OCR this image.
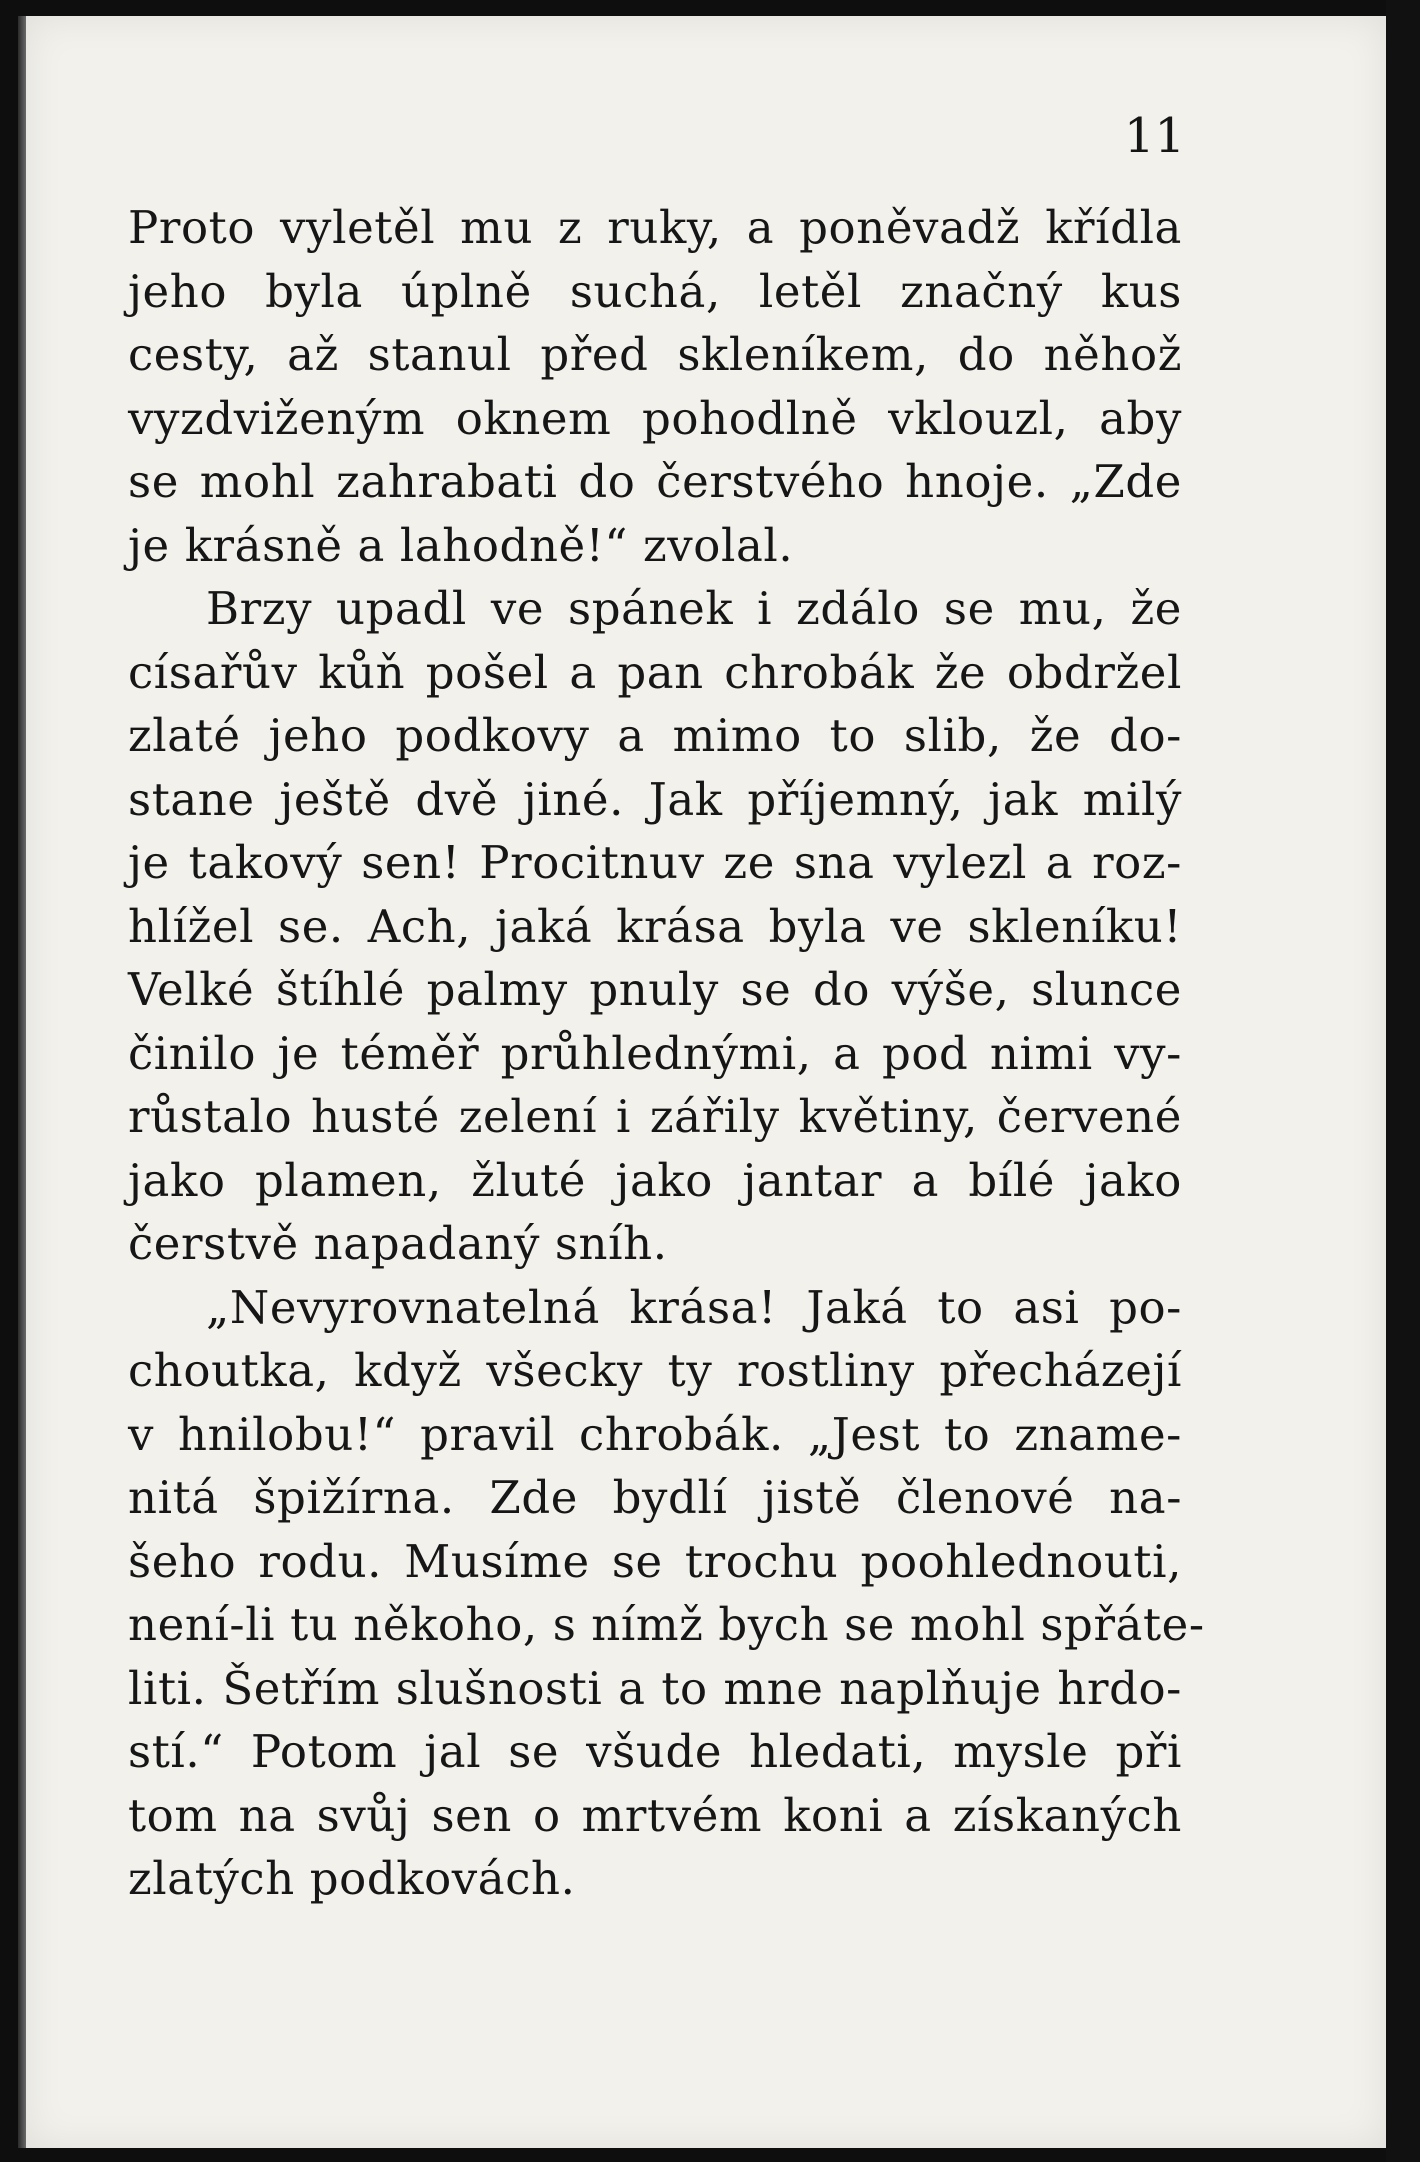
11
Proto vyletěl mu z ruky, a poněvadž křídla
jeho byla úplně suchá, letěl značný kus
cesty, až stanul před skleníkem, do něhož
vyzdviženým oknem pohodlně vklouzl, aby
se mohl zahrabati do čerstvého hnoje. „Zde
je krásně a lahodně!“ zvolal.
Brzy upadl ve spánek i zdálo se mu, že
císařův kůň pošel a pan chrobák že obdržel
zlaté jeho podkovy a mimo to slib, že do-
stane ještě dvě jiné. Jak příjemný, jak milý
je takový sen! Procitnuv ze sna vylezl a roz-
hlížel se. Ach, jaká krása byla ve skleníku!
Velké štíhlé palmy pnuly se do výše, slunce
činilo je téměř průhlednými, a pod nimi vy-
růstalo husté zelení i zářily květiny, červené
jako plamen, žluté jako jantar a bílé jako
čerstvě napadaný sníh.
„Nevyrovnatelná krása! Jaká to asi po-
choutka, když všecky ty rostliny přecházejí
v hnilobu!“ pravil chrobák. „Jest to zname-
nitá špižírna. Zde bydlí jistě členové na-
šeho rodu. Musíme se trochu poohlednouti,
není-li tu někoho, s nímž bych se mohl spřáte-
liti. Šetřím slušnosti a to mne naplňuje hrdo-
stí.“ Potom jal se všude hledati, mysle při
tom na svůj sen o mrtvém koni a získaných
zlatých podkovách.
